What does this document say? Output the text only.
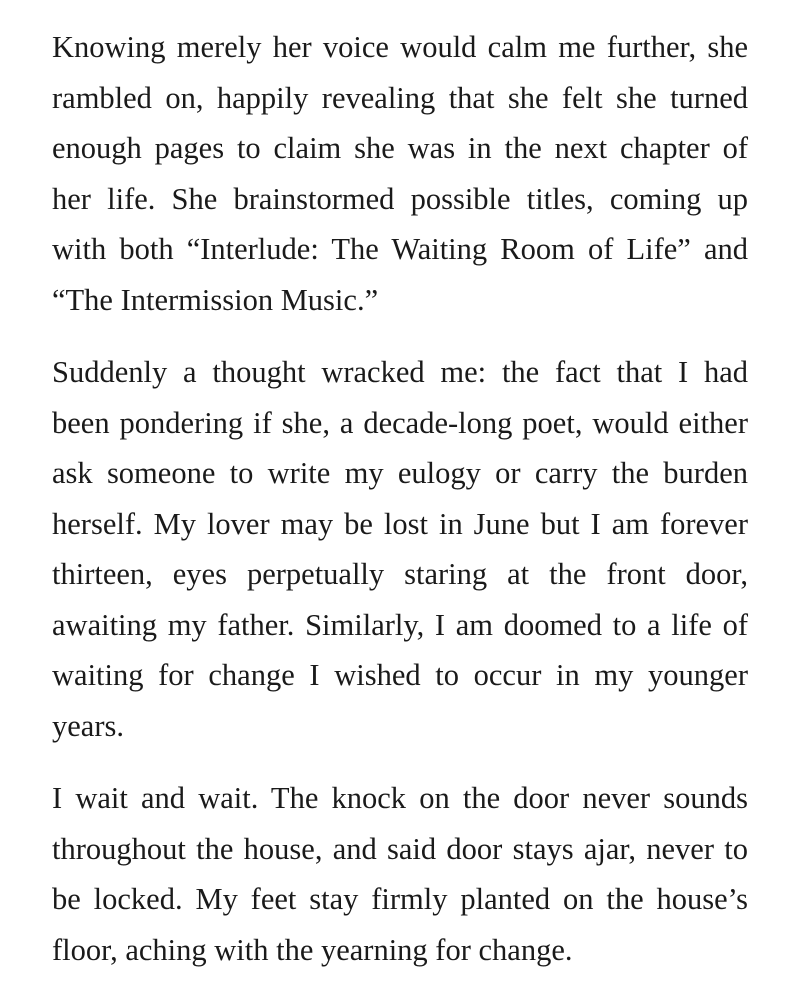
Knowing merely her voice would calm me further, she
rambled on, happily revealing that she felt she turned
enough pages to claim she was in the next chapter of
her life. She brainstormed possible titles, coming up
with both “Interlude: The Waiting Room of Life” and
“The Intermission Music.”
Suddenly a thought wracked me: the fact that I had
been pondering if she, a decade-long poet, would either
ask someone to write my eulogy or carry the burden
herself. My lover may be lost in June but I am forever
thirteen, eyes perpetually staring at the front door,
awaiting my father. Similarly, I am doomed to a life of
waiting for change I wished to occur in my younger
years.
I wait and wait. The knock on the door never sounds
throughout the house, and said door stays ajar, never to
be locked. My feet stay firmly planted on the house’s
floor, aching with the yearning for change.
